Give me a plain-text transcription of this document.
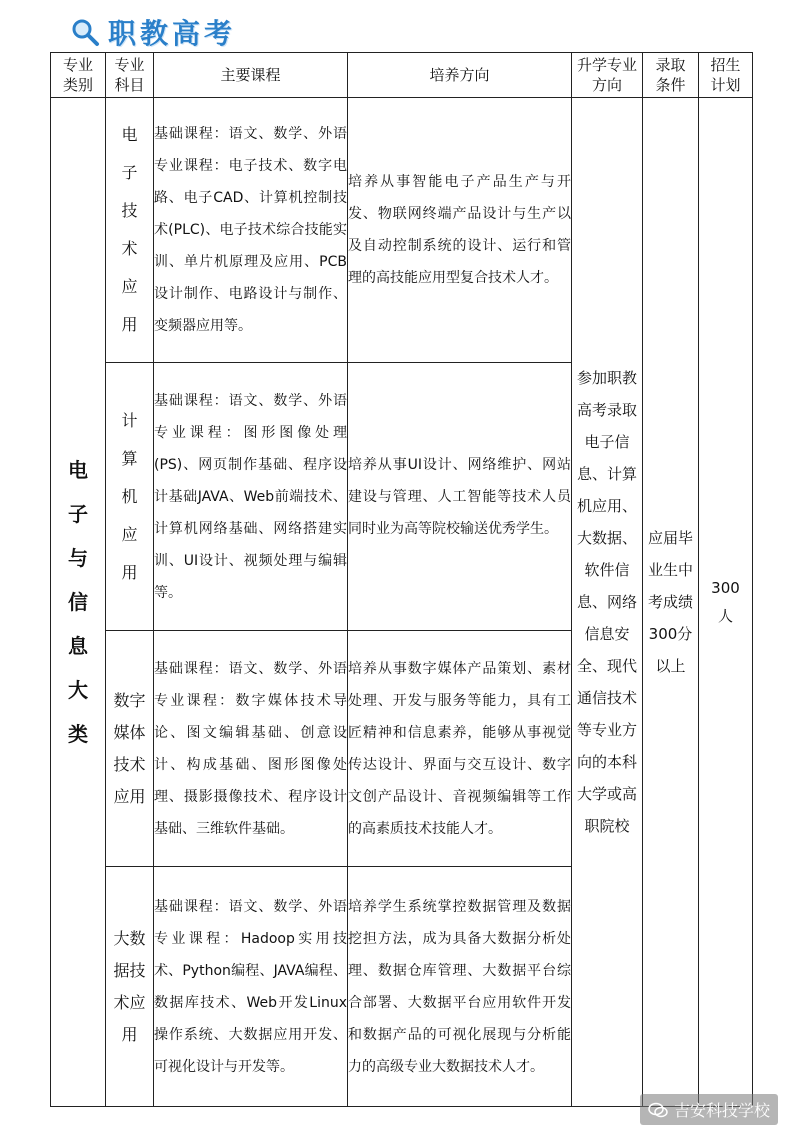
职教高考
专业类别	专业科目	主要课程	培养方向	升学专业方向	录取条件	招生计划

电子与信息大类	电子技术应用	基础课程：语文、数学、外语专业课程：电子技术、数字电路、电子CAD、计算机控制技术(PLC)、电子技术综合技能实训、单片机原理及应用、PCB设计制作、电路设计与制作、变频器应用等。	培养从事智能电子产品生产与开发、物联网终端产品设计与生产以及自动控制系统的设计、运行和管理的高技能应用型复合技术人才。	参加职教高考录取电子信息、计算机应用、大数据、软件信息、网络信息安全、现代通信技术等专业方向的本科大学或高职院校	应届毕业生中考成绩300分以上	300人
	计算机应用	基础课程：语文、数学、外语专业课程：图形图像处理(PS)、网页制作基础、程序设计基础JAVA、Web前端技术、计算机网络基础、网络搭建实训、UI设计、视频处理与编辑等。	培养从事UI设计、网络维护、网站建设与管理、人工智能等技术人员同时业为高等院校输送优秀学生。			
	数字媒体技术应用	基础课程：语文、数学、外语专业课程：数字媒体技术导论、图文编辑基础、创意设计、构成基础、图形图像处理、摄影摄像技术、程序设计基础、三维软件基础。	培养从事数字媒体产品策划、素材处理、开发与服务等能力，具有工匠精神和信息素养，能够从事视觉传达设计、界面与交互设计、数字文创产品设计、音视频编辑等工作的高素质技术技能人才。			
	大数据技术应用	基础课程：语文、数学、外语专业课程：Hadoop实用技术、Python编程、JAVA编程、数据库技术、Web开发Linux操作系统、大数据应用开发、可视化设计与开发等。	培养学生系统掌控数据管理及数据挖担方法，成为具备大数据分析处理、数据仓库管理、大数据平台综合部署、大数据平台应用软件开发和数据产品的可视化展现与分析能力的高级专业大数据技术人才。			
吉安科技学校
